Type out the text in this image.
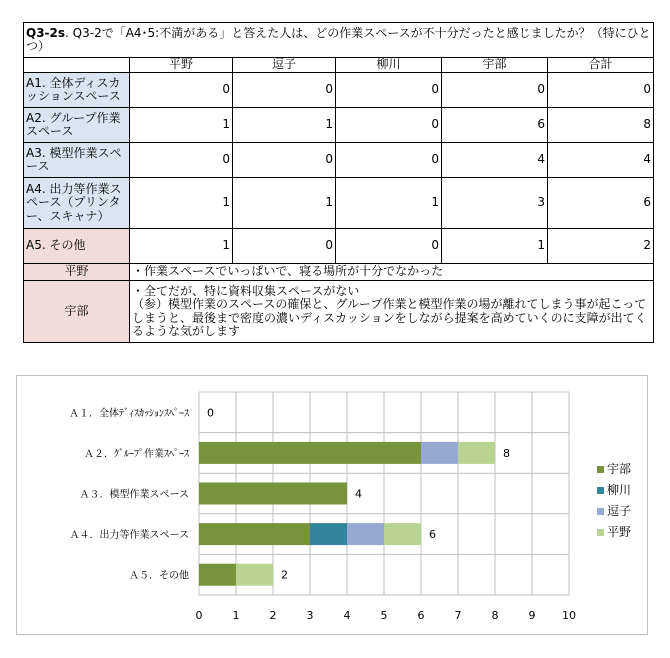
Q3-2s. Q3-2で「A4･5:不満がある」と答えた人は、どの作業スペースが不十分だったと感じましたか？（特にひとつ）					
	平野	逗子	柳川	宇部	合計
A1. 全体ディスカッションスペース	0	0	0	0	0
A2. グループ作業スペース	1	1	0	6	8
A3. 模型作業スペース	0	0	0	4	4
A4. 出力等作業スペース（プリンター、スキャナ）	1	1	1	3	6
A5. その他	1	0	0	1	2
平野	・作業スペースでいっぱいで、寝る場所が十分でなかった				
宇部	・全てだが、特に資料収集スペースがない
（参）模型作業のスペースの確保と、グループ作業と模型作業の場が離れてしまう事が起こってしまうと、最後まで密度の濃いディスカッションをしながら提案を高めていくのに支障が出てくるような気がします				
0	1	2	3	4	5	6	7	8	9 10
Ａ１．全体ﾃﾞｨｽｶｯｼｮﾝｽﾍﾟｰｽ 0
Ａ２．ｸﾞﾙｰﾌﾟ作業ｽﾍﾟｰｽ	8
Ａ３．模型作業スペース	4
Ａ４．出力等作業スペース	6
Ａ５．その他	2
宇部
柳川
逗子
平野
